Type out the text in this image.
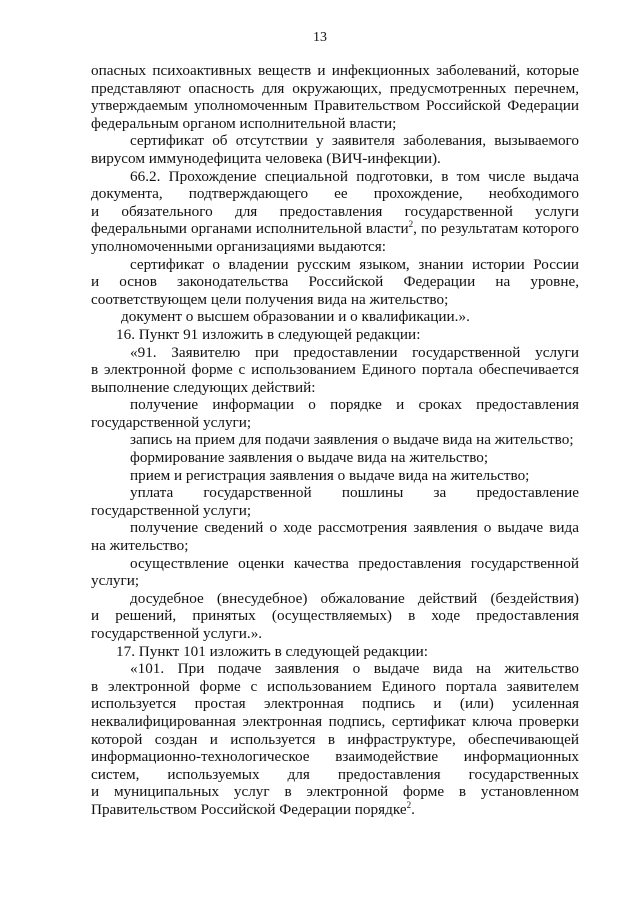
13
опасных психоактивных веществ и инфекционных заболеваний, которые
представляют опасность для окружающих, предусмотренных перечнем,
утверждаемым уполномоченным Правительством Российской Федерации
федеральным органом исполнительной власти;
сертификат об отсутствии у заявителя заболевания, вызываемого
вирусом иммунодефицита человека (ВИЧ-инфекции).
66.2. Прохождение специальной подготовки, в том числе выдача
документа, подтверждающего ее прохождение, необходимого
и обязательного для предоставления государственной услуги
федеральными органами исполнительной власти$^2$, по результатам которого
уполномоченными организациями выдаются:
сертификат о владении русским языком, знании истории России
и основ законодательства Российской Федерации на уровне,
соответствующем цели получения вида на жительство;
документ о высшем образовании и о квалификации.».
16. Пункт 91 изложить в следующей редакции:
«91. Заявителю при предоставлении государственной услуги
в электронной форме с использованием Единого портала обеспечивается
выполнение следующих действий:
получение информации о порядке и сроках предоставления
государственной услуги;
запись на прием для подачи заявления о выдаче вида на жительство;
формирование заявления о выдаче вида на жительство;
прием и регистрация заявления о выдаче вида на жительство;
уплата государственной пошлины за предоставление
государственной услуги;
получение сведений о ходе рассмотрения заявления о выдаче вида
на жительство;
осуществление оценки качества предоставления государственной
услуги;
досудебное (внесудебное) обжалование действий (бездействия)
и решений, принятых (осуществляемых) в ходе предоставления
государственной услуги.».
17. Пункт 101 изложить в следующей редакции:
«101. При подаче заявления о выдаче вида на жительство
в электронной форме с использованием Единого портала заявителем
используется простая электронная подпись и (или) усиленная
неквалифицированная электронная подпись, сертификат ключа проверки
которой создан и используется в инфраструктуре, обеспечивающей
информационно-технологическое взаимодействие информационных
систем, используемых для предоставления государственных
и муниципальных услуг в электронной форме в установленном
Правительством Российской Федерации порядке$^2$.
